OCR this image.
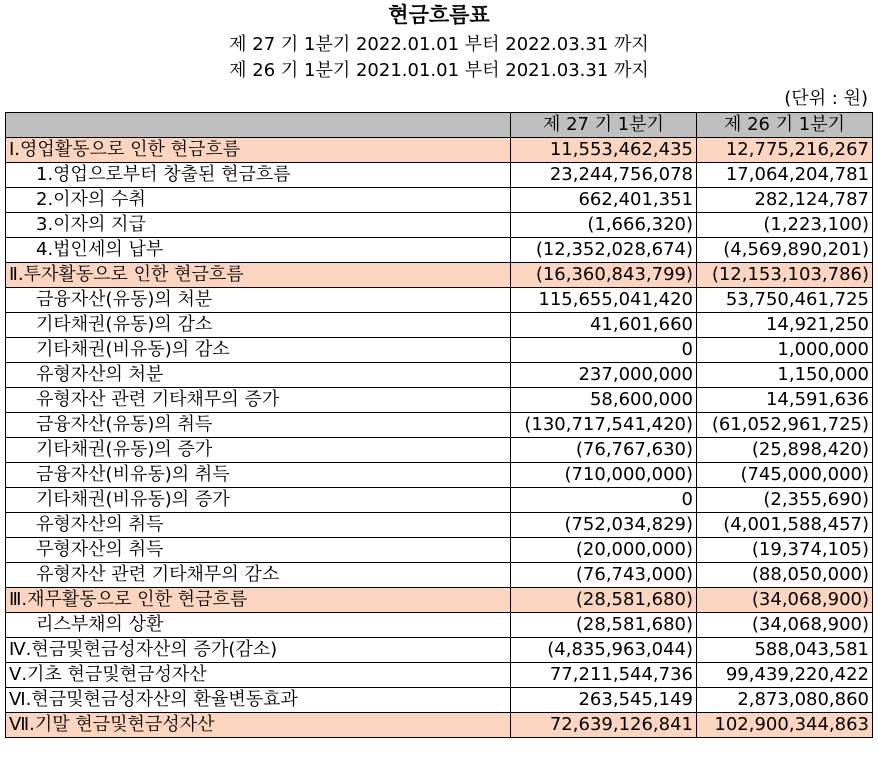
현금흐름표
제 27 기 1분기 2022.01.01 부터 2022.03.31 까지
제 26 기 1분기 2021.01.01 부터 2021.03.31 까지
(단위 : 원)
	제 27 기 1분기	제 26 기 1분기
Ⅰ.영업활동으로 인한 현금흐름	11,553,462,435	12,775,216,267
1.영업으로부터 창출된 현금흐름	23,244,756,078	17,064,204,781
2.이자의 수취	662,401,351	282,124,787
3.이자의 지급	(1,666,320)	(1,223,100)
4.법인세의 납부	(12,352,028,674)	(4,569,890,201)
Ⅱ.투자활동으로 인한 현금흐름	(16,360,843,799)	(12,153,103,786)
금융자산(유동)의 처분	115,655,041,420	53,750,461,725
기타채권(유동)의 감소	41,601,660	14,921,250
기타채권(비유동)의 감소	0	1,000,000
유형자산의 처분	237,000,000	1,150,000
유형자산 관련 기타채무의 증가	58,600,000	14,591,636
금융자산(유동)의 취득	(130,717,541,420)	(61,052,961,725)
기타채권(유동)의 증가	(76,767,630)	(25,898,420)
금융자산(비유동)의 취득	(710,000,000)	(745,000,000)
기타채권(비유동)의 증가	0	(2,355,690)
유형자산의 취득	(752,034,829)	(4,001,588,457)
무형자산의 취득	(20,000,000)	(19,374,105)
유형자산 관련 기타채무의 감소	(76,743,000)	(88,050,000)
Ⅲ.재무활동으로 인한 현금흐름	(28,581,680)	(34,068,900)
리스부채의 상환	(28,581,680)	(34,068,900)
Ⅳ.현금및현금성자산의 증가(감소)	(4,835,963,044)	588,043,581
Ⅴ.기초 현금및현금성자산	77,211,544,736	99,439,220,422
Ⅵ.현금및현금성자산의 환율변동효과	263,545,149	2,873,080,860
Ⅶ.기말 현금및현금성자산	72,639,126,841	102,900,344,863
